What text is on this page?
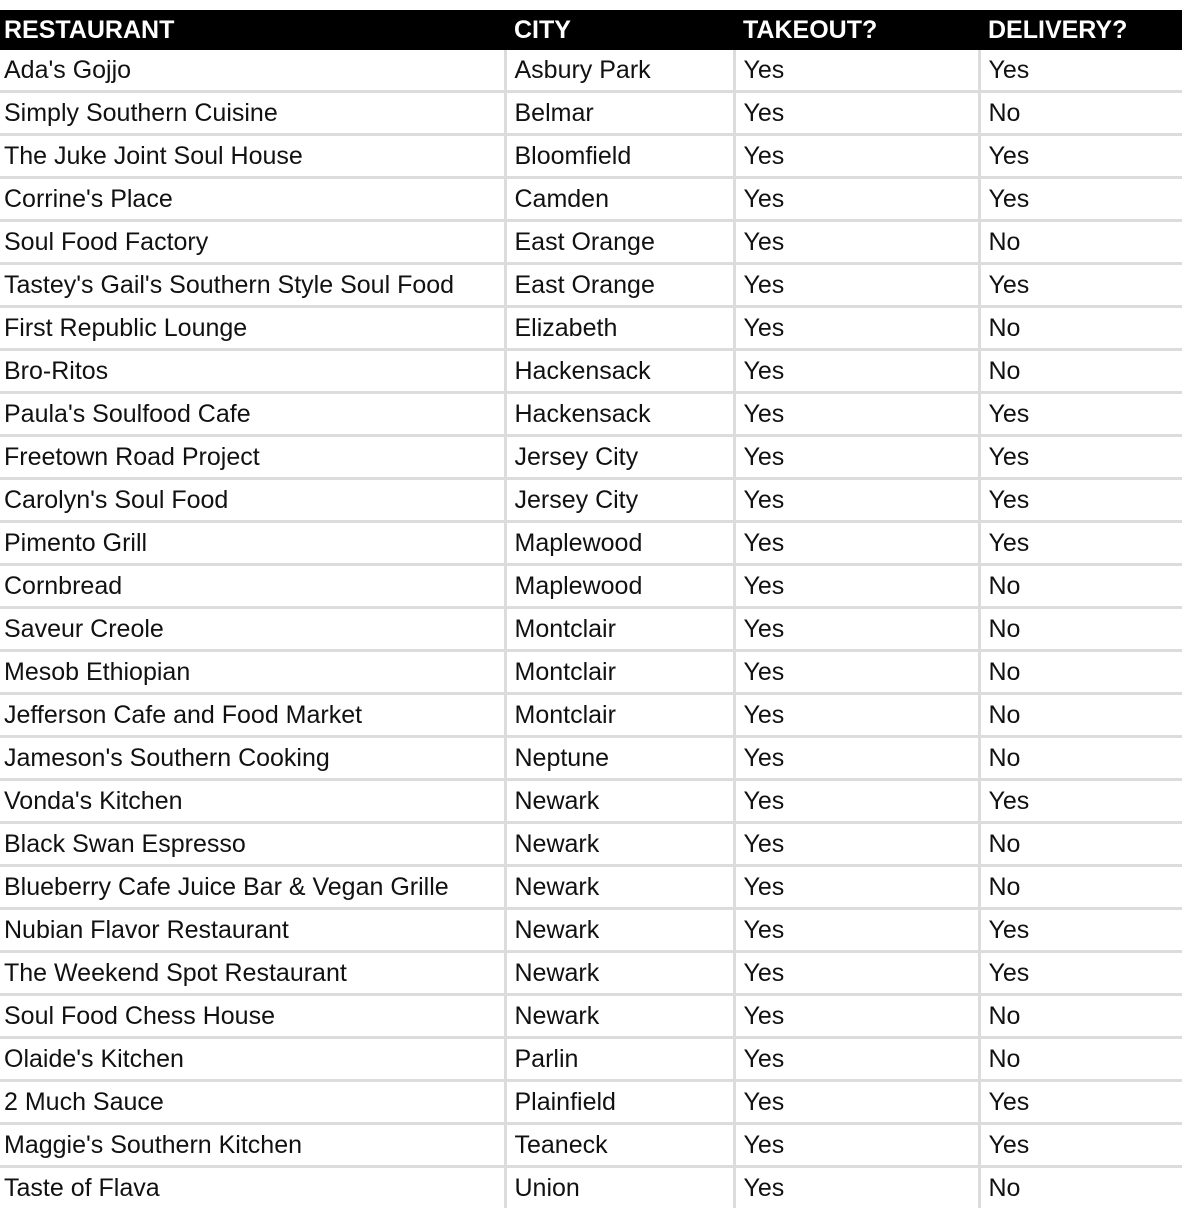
RESTAURANT	CITY	TAKEOUT?	DELIVERY?
Ada's Gojjo	Asbury Park	Yes	Yes
Simply Southern Cuisine	Belmar	Yes	No
The Juke Joint Soul House	Bloomfield	Yes	Yes
Corrine's Place	Camden	Yes	Yes
Soul Food Factory	East Orange	Yes	No
Tastey's Gail's Southern Style Soul Food	East Orange	Yes	Yes
First Republic Lounge	Elizabeth	Yes	No
Bro-Ritos	Hackensack	Yes	No
Paula's Soulfood Cafe	Hackensack	Yes	Yes
Freetown Road Project	Jersey City	Yes	Yes
Carolyn's Soul Food	Jersey City	Yes	Yes
Pimento Grill	Maplewood	Yes	Yes
Cornbread	Maplewood	Yes	No
Saveur Creole	Montclair	Yes	No
Mesob Ethiopian	Montclair	Yes	No
Jefferson Cafe and Food Market	Montclair	Yes	No
Jameson's Southern Cooking	Neptune	Yes	No
Vonda's Kitchen	Newark	Yes	Yes
Black Swan Espresso	Newark	Yes	No
Blueberry Cafe Juice Bar & Vegan Grille	Newark	Yes	No
Nubian Flavor Restaurant	Newark	Yes	Yes
The Weekend Spot Restaurant	Newark	Yes	Yes
Soul Food Chess House	Newark	Yes	No
Olaide's Kitchen	Parlin	Yes	No
2 Much Sauce	Plainfield	Yes	Yes
Maggie's Southern Kitchen	Teaneck	Yes	Yes
Taste of Flava	Union	Yes	No
